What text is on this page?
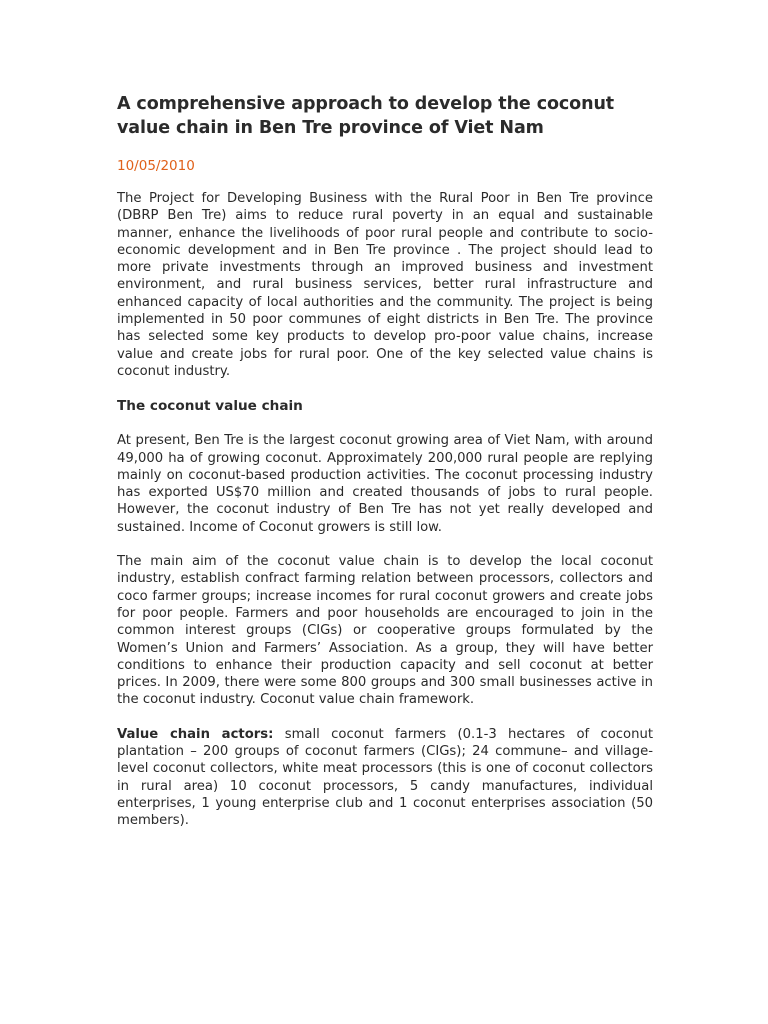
A comprehensive approach to develop the coconut value chain in Ben Tre province of Viet Nam
10/05/2010

The Project for Developing Business with the Rural Poor in Ben Tre province (DBRP Ben Tre) aims to reduce rural poverty in an equal and sustainable manner, enhance the livelihoods of poor rural people and contribute to socio-economic development and in Ben Tre province . The project should lead to more private investments through an improved business and investment environment, and rural business services, better rural infrastructure and enhanced capacity of local authorities and the community. The project is being implemented in 50 poor communes of eight districts in Ben Tre. The province has selected some key products to develop pro-poor value chains, increase value and create jobs for rural poor. One of the key selected value chains is coconut industry.

The coconut value chain

At present, Ben Tre is the largest coconut growing area of Viet Nam, with around 49,000 ha of growing coconut. Approximately 200,000 rural people are replying mainly on coconut-based production activities. The coconut processing industry has exported US$70 million and created thousands of jobs to rural people. However, the coconut industry of Ben Tre has not yet really developed and sustained. Income of Coconut growers is still low.

The main aim of the coconut value chain is to develop the local coconut industry, establish confract farming relation between processors, collectors and coco farmer groups; increase incomes for rural coconut growers and create jobs for poor people. Farmers and poor households are encouraged to join in the common interest groups (CIGs) or cooperative groups formulated by the Women’s Union and Farmers’ Association. As a group, they will have better conditions to enhance their production capacity and sell coconut at better prices. In 2009, there were some 800 groups and 300 small businesses active in the coconut industry. Coconut value chain framework.

Value chain actors: small coconut farmers (0.1-3 hectares of coconut plantation – 200 groups of coconut farmers (CIGs); 24 commune– and village-level coconut collectors, white meat processors (this is one of coconut collectors in rural area) 10 coconut processors, 5 candy manufactures, individual enterprises, 1 young enterprise club and 1 coconut enterprises association (50 members).
